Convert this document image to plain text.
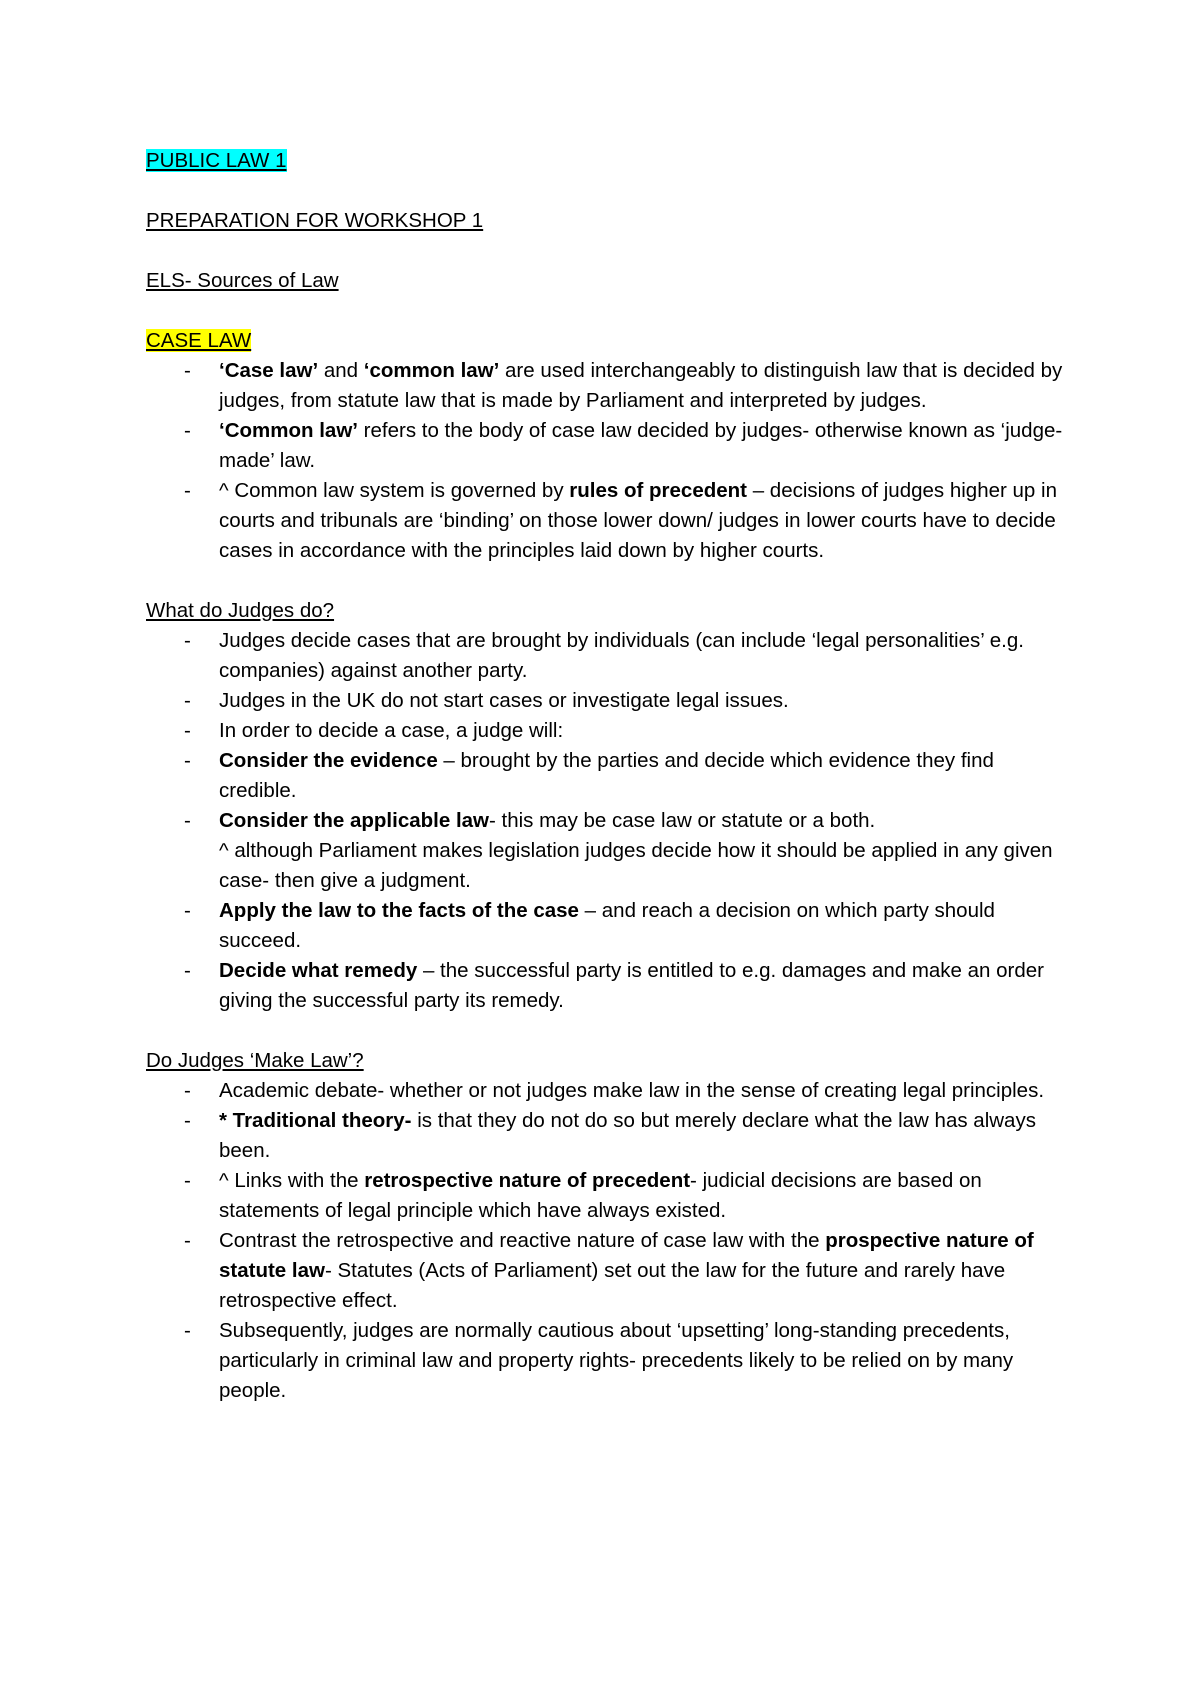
PUBLIC LAW 1
PREPARATION FOR WORKSHOP 1
ELS- Sources of Law
CASE LAW
-	‘Case law’ and ‘common law’ are used interchangeably to distinguish law that is decided by judges, from statute law that is made by Parliament and interpreted by judges.
-	‘Common law’ refers to the body of case law decided by judges- otherwise known as ‘judge-made’ law.
-	^ Common law system is governed by rules of precedent – decisions of judges higher up in courts and tribunals are ‘binding’ on those lower down/ judges in lower courts have to decide cases in accordance with the principles laid down by higher courts.
What do Judges do?
-	Judges decide cases that are brought by individuals (can include ‘legal personalities’ e.g. companies) against another party.
-	Judges in the UK do not start cases or investigate legal issues.
-	In order to decide a case, a judge will:
-	Consider the evidence – brought by the parties and decide which evidence they find credible.
-	Consider the applicable law- this may be case law or statute or a both.
^ although Parliament makes legislation judges decide how it should be applied in any given case- then give a judgment.
-	Apply the law to the facts of the case – and reach a decision on which party should succeed.
-	Decide what remedy – the successful party is entitled to e.g. damages and make an order giving the successful party its remedy.
Do Judges ‘Make Law’?
-	Academic debate- whether or not judges make law in the sense of creating legal principles.
-	* Traditional theory- is that they do not do so but merely declare what the law has always been.
-	^ Links with the retrospective nature of precedent- judicial decisions are based on statements of legal principle which have always existed.
-	Contrast the retrospective and reactive nature of case law with the prospective nature of statute law- Statutes (Acts of Parliament) set out the law for the future and rarely have retrospective effect.
-	Subsequently, judges are normally cautious about ‘upsetting’ long-standing precedents, particularly in criminal law and property rights- precedents likely to be relied on by many people.
